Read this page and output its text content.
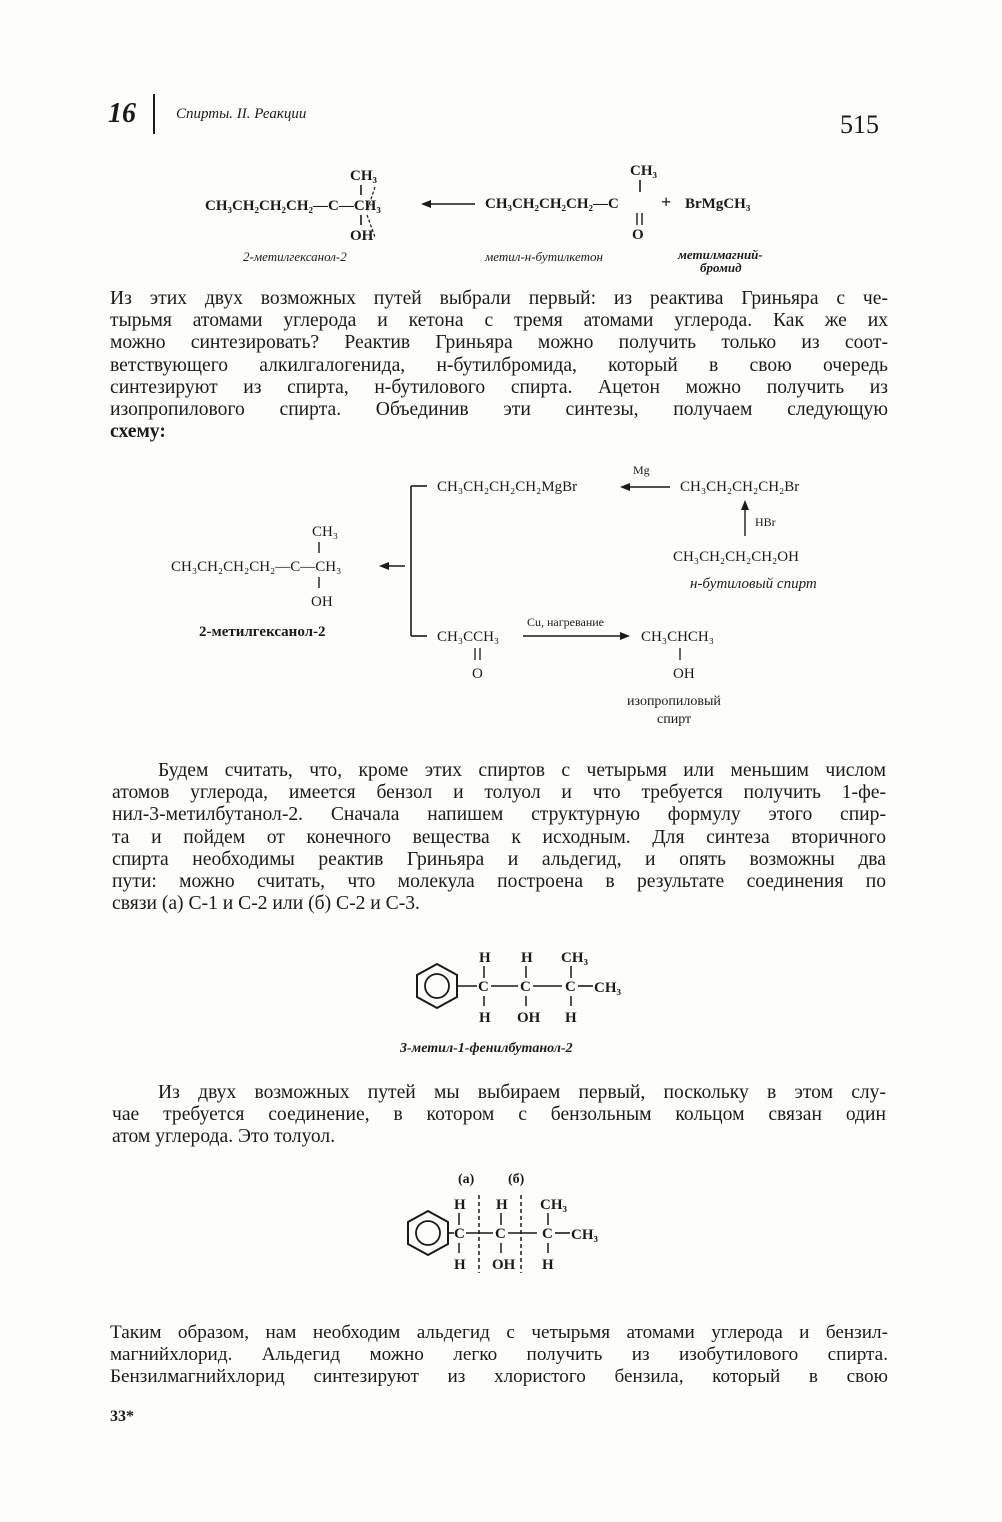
16	Спирты. II. Реакции	515
CH₃
CH₃CH₂CH₂CH₂—C—CH₃
OH
CH₃
CH₃CH₂CH₂CH₂—C
O
+ BrMgCH₃
2-метилгексанол-2	метил-н-бутилкетон	метилмагний-
бромид
Из этих двух возможных путей выбрали первый: из реактива Гриньяра с че-
тырьмя атомами углерода и кетона с тремя атомами углерода. Как же их
можно синтезировать? Реактив Гриньяра можно получить только из соот-
ветствующего алкилгалогенида, н-бутилбромида, который в свою очередь
синтезируют из спирта, н-бутилового спирта. Ацетон можно получить из
изопропилового спирта. Объединив эти синтезы, получаем следующую
схему:
CH₃CH₂CH₂CH₂MgBr
Mg
CH₃CH₂CH₂CH₂Br
HBr
CH₃CH₂CH₂CH₂OH
н-бутиловый спирт
CH₃
CH₃CH₂CH₂CH₂—C—CH₃
OH
2-метилгексанол-2	CH₃CCH₃
O
Cu, нагревание
CH₃CHCH₃
OH
изопропиловый
спирт
Будем считать, что, кроме этих спиртов с четырьмя или меньшим числом
атомов углерода, имеется бензол и толуол и что требуется получить 1-фе-
нил-3-метилбутанол-2. Сначала напишем структурную формулу этого спир-
та и пойдем от конечного вещества к исходным. Для синтеза вторичного
спирта необходимы реактив Гриньяра и альдегид, и опять возможны два
пути: можно считать, что молекула построена в результате соединения по
связи (а) C-1 и C-2 или (б) C-2 и C-3.
H
C
H
H
C
OH
CH₃
C
H
CH₃
3-метил-1-фенилбутанол-2
Из двух возможных путей мы выбираем первый, поскольку в этом слу-
чае требуется соединение, в котором с бензольным кольцом связан один
атом углерода. Это толуол.
(а) (б)
H
C
H
H
C
OH
CH₃
C
H
CH₃
Таким образом, нам необходим альдегид с четырьмя атомами углерода и бензил-
магнийхлорид. Альдегид можно легко получить из изобутилового спирта.
Бензилмагнийхлорид синтезируют из хлористого бензила, который в свою
33*
